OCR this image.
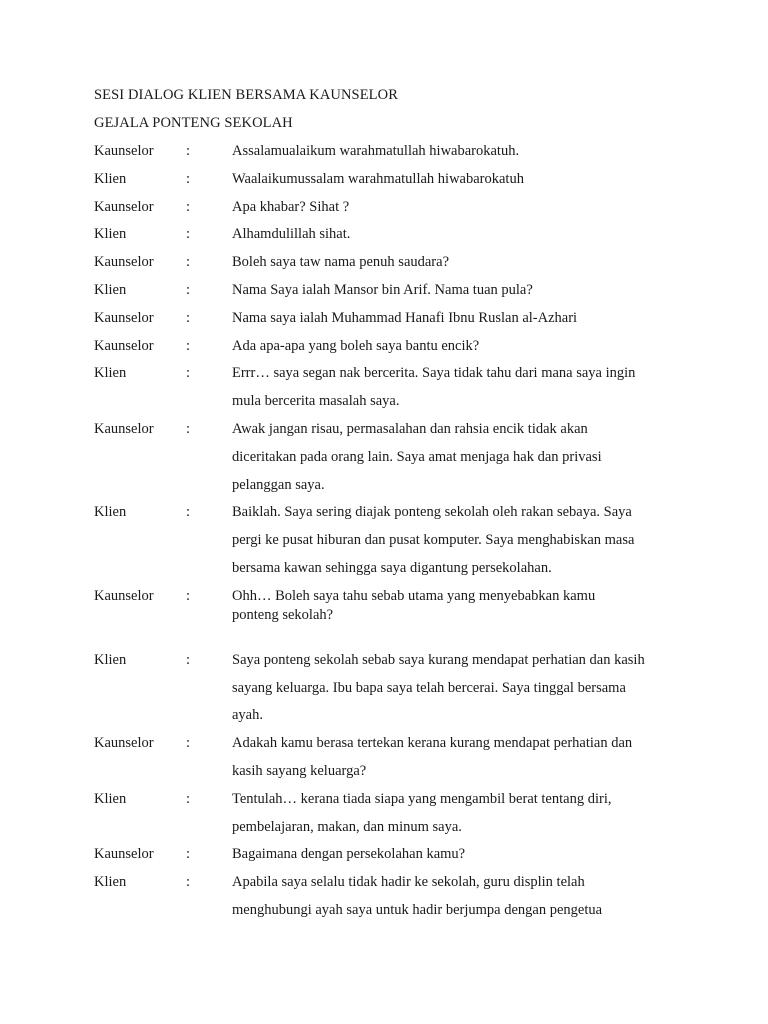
SESI DIALOG KLIEN BERSAMA KAUNSELOR
GEJALA PONTENG SEKOLAH
Kaunselor :	Assalamualaikum warahmatullah hiwabarokatuh.
Klien	:	Waalaikumussalam warahmatullah hiwabarokatuh
Kaunselor :	Apa khabar? Sihat ?
Klien	:	Alhamdulillah sihat.
Kaunselor :	Boleh saya taw nama penuh saudara?
Klien	:	Nama Saya ialah Mansor bin Arif. Nama tuan pula?
Kaunselor :	Nama saya ialah Muhammad Hanafi Ibnu Ruslan al-Azhari
Kaunselor :	Ada apa-apa yang boleh saya bantu encik?
Klien	:	Errr… saya segan nak bercerita. Saya tidak tahu dari mana saya ingin
mula bercerita masalah saya.
Kaunselor :	Awak jangan risau, permasalahan dan rahsia encik tidak akan
diceritakan pada orang lain. Saya amat menjaga hak dan privasi
pelanggan saya.
Klien	:	Baiklah. Saya sering diajak ponteng sekolah oleh rakan sebaya. Saya
pergi ke pusat hiburan dan pusat komputer. Saya menghabiskan masa
bersama kawan sehingga saya digantung persekolahan.
Kaunselor :	Ohh… Boleh saya tahu sebab utama yang menyebabkan kamu
ponteng sekolah?
Klien	:	Saya ponteng sekolah sebab saya kurang mendapat perhatian dan kasih
sayang keluarga. Ibu bapa saya telah bercerai. Saya tinggal bersama
ayah.
Kaunselor :	Adakah kamu berasa tertekan kerana kurang mendapat perhatian dan
kasih sayang keluarga?
Klien	:	Tentulah… kerana tiada siapa yang mengambil berat tentang diri,
pembelajaran, makan, dan minum saya.
Kaunselor :	Bagaimana dengan persekolahan kamu?
Klien	:	Apabila saya selalu tidak hadir ke sekolah, guru displin telah
menghubungi ayah saya untuk hadir berjumpa dengan pengetua
